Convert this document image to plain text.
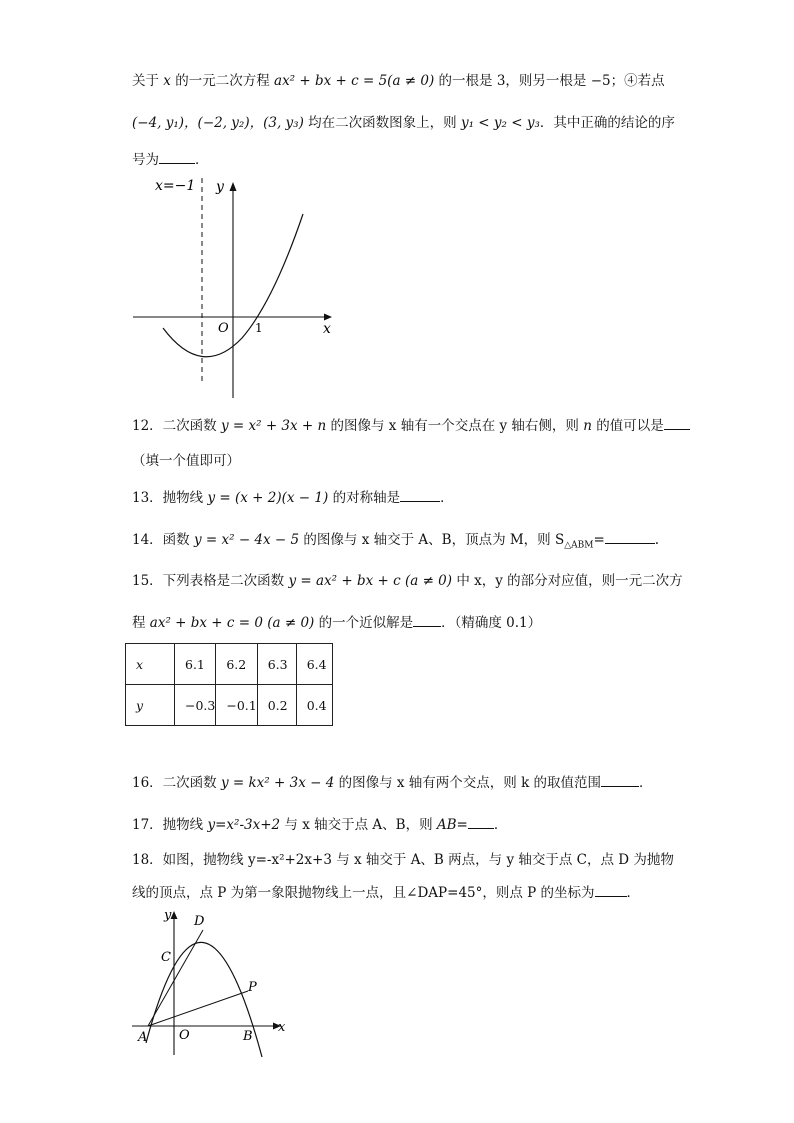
关于 x 的一元二次方程 ax² + bx + c = 5(a ≠ 0) 的一根是 3，则另一根是 −5；④若点
(−4, y₁)，(−2, y₂)，(3, y₃) 均在二次函数图象上，则 y₁ < y₂ < y₃．其中正确的结论的序
号为	．
x=−1 y
x
O 1
12．二次函数 y = x² + 3x + n 的图像与 x 轴有一个交点在 y 轴右侧，则 n 的值可以是
（填一个值即可）
13．抛物线 y = (x + 2)(x − 1) 的对称轴是	．
14．函数 y = x² − 4x − 5 的图像与 x 轴交于 A、B，顶点为 M，则 $S_{\triangle ABM}=$	.
15．下列表格是二次函数 y = ax² + bx + c (a ≠ 0) 中 x，y 的部分对应值，则一元二次方
程 ax² + bx + c = 0 (a ≠ 0) 的一个近似解是 ．（精确度 0.1）
x	6.1	6.2	6.3	6.4
y	−0.3	−0.1	0.2	0.4
16．二次函数 y = kx² + 3x − 4 的图像与 x 轴有两个交点，则 k 的取值范围	．
17．抛物线 y=x²-3x+2 与 x 轴交于点 A、B，则 AB= ．
18．如图，抛物线 y=-x²+2x+3 与 x 轴交于 A、B 两点，与 y 轴交于点 C，点 D 为抛物
线的顶点，点 P 为第一象限抛物线上一点，且∠DAP=45°，则点 P 的坐标为 ．
y
x
D
C
P
A O	B
